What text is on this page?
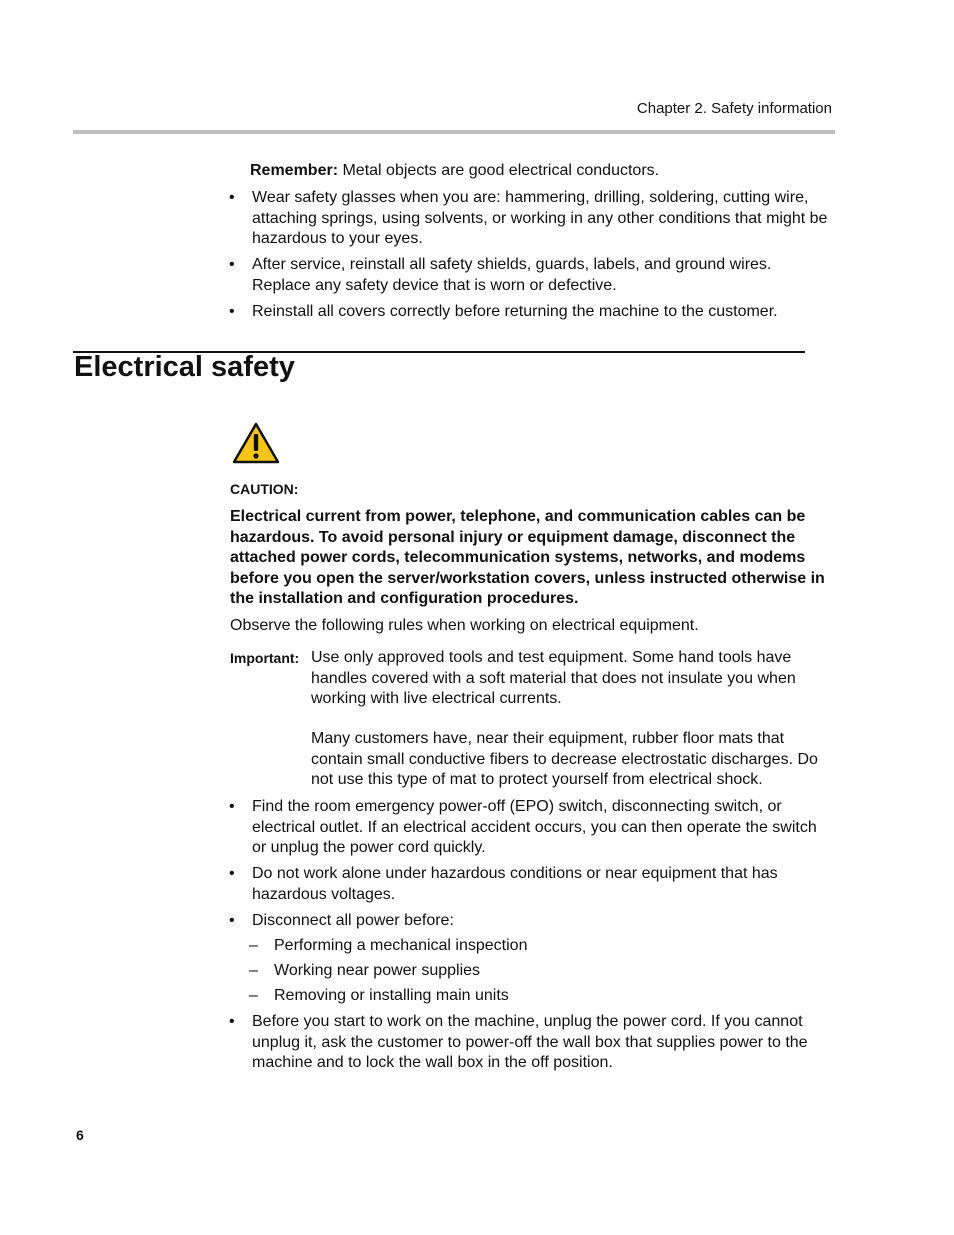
Chapter 2. Safety information
Remember: Metal objects are good electrical conductors.
•	Wear safety glasses when you are: hammering, drilling, soldering, cutting wire, attaching springs, using solvents, or working in any other conditions that might be hazardous to your eyes.
•	After service, reinstall all safety shields, guards, labels, and ground wires. Replace any safety device that is worn or defective.
•	Reinstall all covers correctly before returning the machine to the customer.
Electrical safety
CAUTION:
Electrical current from power, telephone, and communication cables can be hazardous. To avoid personal injury or equipment damage, disconnect the attached power cords, telecommunication systems, networks, and modems before you open the server/workstation covers, unless instructed otherwise in the installation and configuration procedures.
Observe the following rules when working on electrical equipment.
Important: Use only approved tools and test equipment. Some hand tools have handles covered with a soft material that does not insulate you when working with live electrical currents.
Many customers have, near their equipment, rubber floor mats that contain small conductive fibers to decrease electrostatic discharges. Do not use this type of mat to protect yourself from electrical shock.
•	Find the room emergency power-off (EPO) switch, disconnecting switch, or electrical outlet. If an electrical accident occurs, you can then operate the switch or unplug the power cord quickly.
•	Do not work alone under hazardous conditions or near equipment that has hazardous voltages.
•	Disconnect all power before:
– Performing a mechanical inspection
– Working near power supplies
– Removing or installing main units
•	Before you start to work on the machine, unplug the power cord. If you cannot unplug it, ask the customer to power-off the wall box that supplies power to the machine and to lock the wall box in the off position.
6
